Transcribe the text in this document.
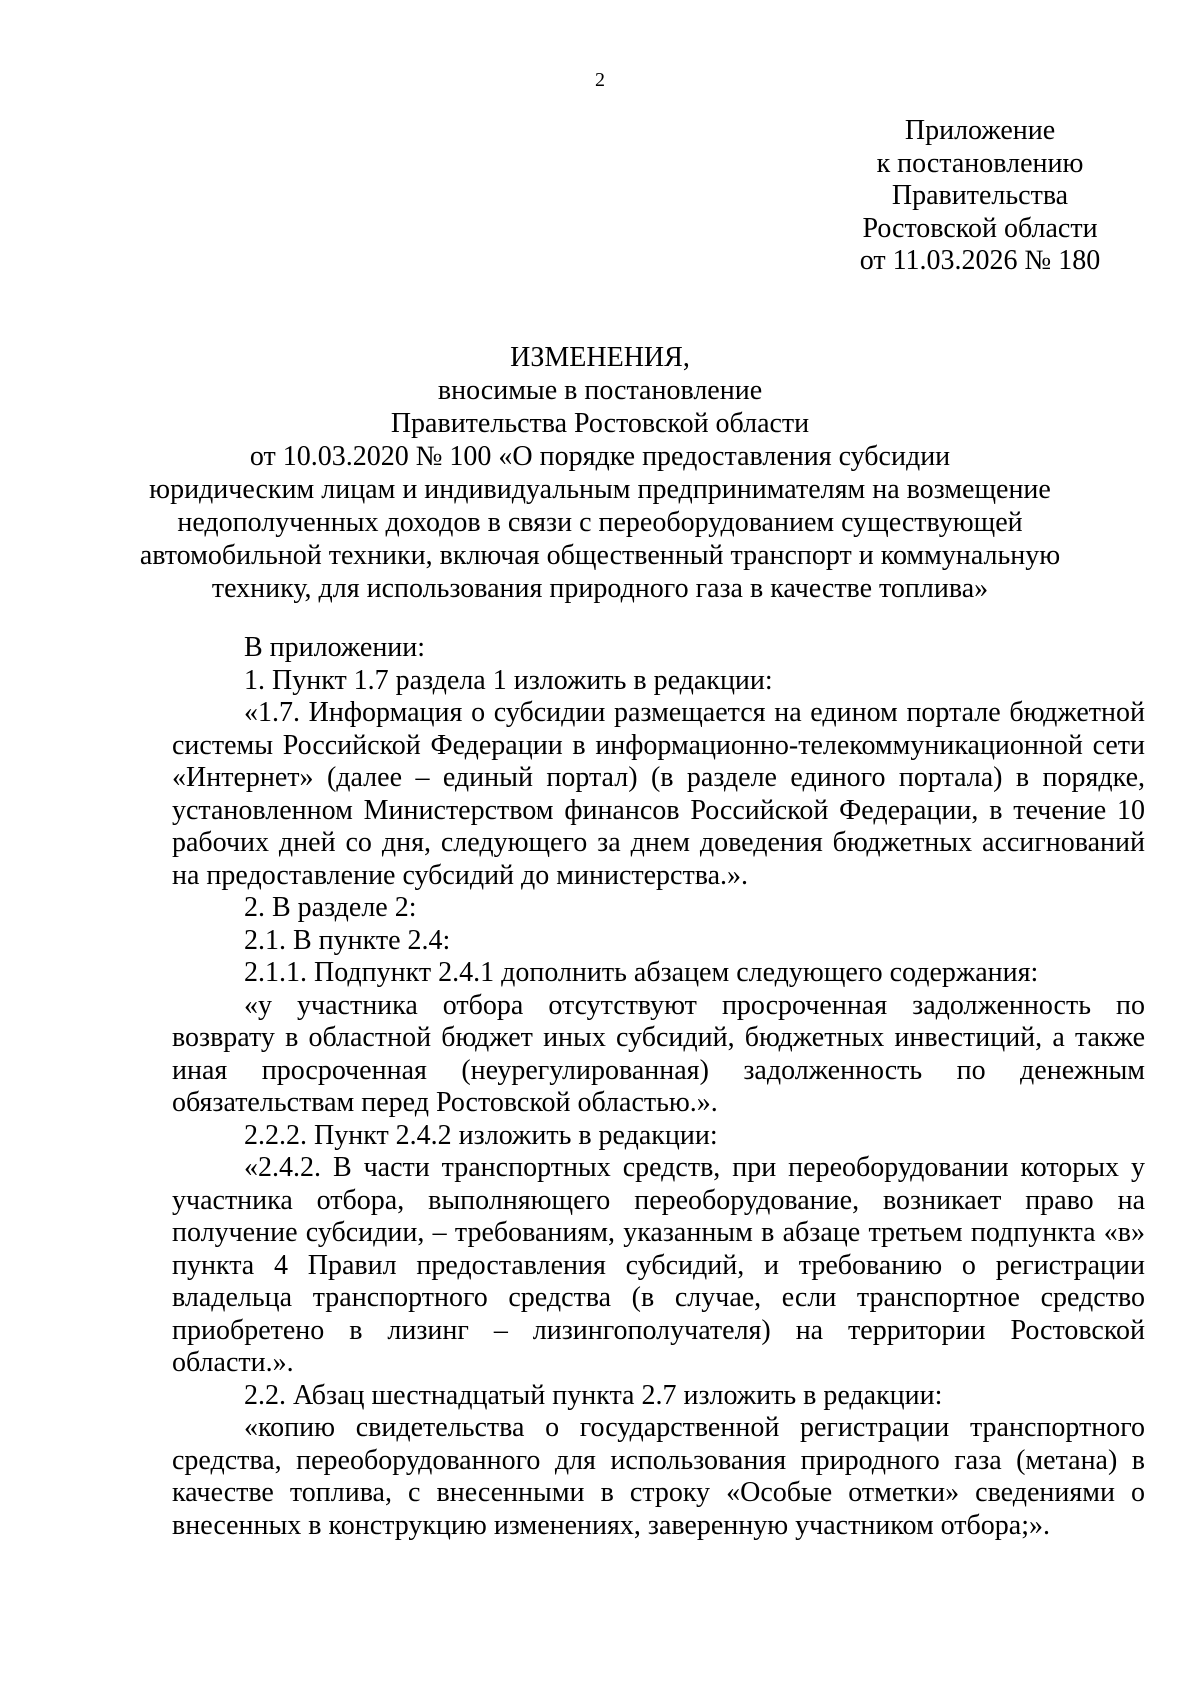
2
Приложение
к постановлению
Правительства
Ростовской области
от 11.03.2026 № 180
ИЗМЕНЕНИЯ,
вносимые в постановление
Правительства Ростовской области
от 10.03.2020 № 100 «О порядке предоставления субсидии
юридическим лицам и индивидуальным предпринимателям на возмещение
недополученных доходов в связи с переоборудованием существующей
автомобильной техники, включая общественный транспорт и коммунальную
технику, для использования природного газа в качестве топлива»

В приложении:

1. Пункт 1.7 раздела 1 изложить в редакции:

«1.7. Информация о субсидии размещается на едином портале бюджетной системы Российской Федерации в информационно-телекоммуникационной сети «Интернет» (далее – единый портал) (в разделе единого портала) в порядке, установленном Министерством финансов Российской Федерации, в течение 10 рабочих дней со дня, следующего за днем доведения бюджетных ассигнований на предоставление субсидий до министерства.».

2. В разделе 2:

2.1. В пункте 2.4:

2.1.1. Подпункт 2.4.1 дополнить абзацем следующего содержания:

«у участника отбора отсутствуют просроченная задолженность по возврату в областной бюджет иных субсидий, бюджетных инвестиций, а также иная просроченная (неурегулированная) задолженность по денежным обязательствам перед Ростовской областью.».

2.2.2. Пункт 2.4.2 изложить в редакции:

«2.4.2. В части транспортных средств, при переоборудовании которых у участника отбора, выполняющего переоборудование, возникает право на получение субсидии, – требованиям, указанным в абзаце третьем подпункта «в» пункта 4 Правил предоставления субсидий, и требованию о регистрации владельца транспортного средства (в случае, если транспортное средство приобретено в лизинг – лизингополучателя) на территории Ростовской области.».

2.2. Абзац шестнадцатый пункта 2.7 изложить в редакции:

«копию свидетельства о государственной регистрации транспортного средства, переоборудованного для использования природного газа (метана) в качестве топлива, с внесенными в строку «Особые отметки» сведениями о внесенных в конструкцию изменениях, заверенную участником отбора;».
